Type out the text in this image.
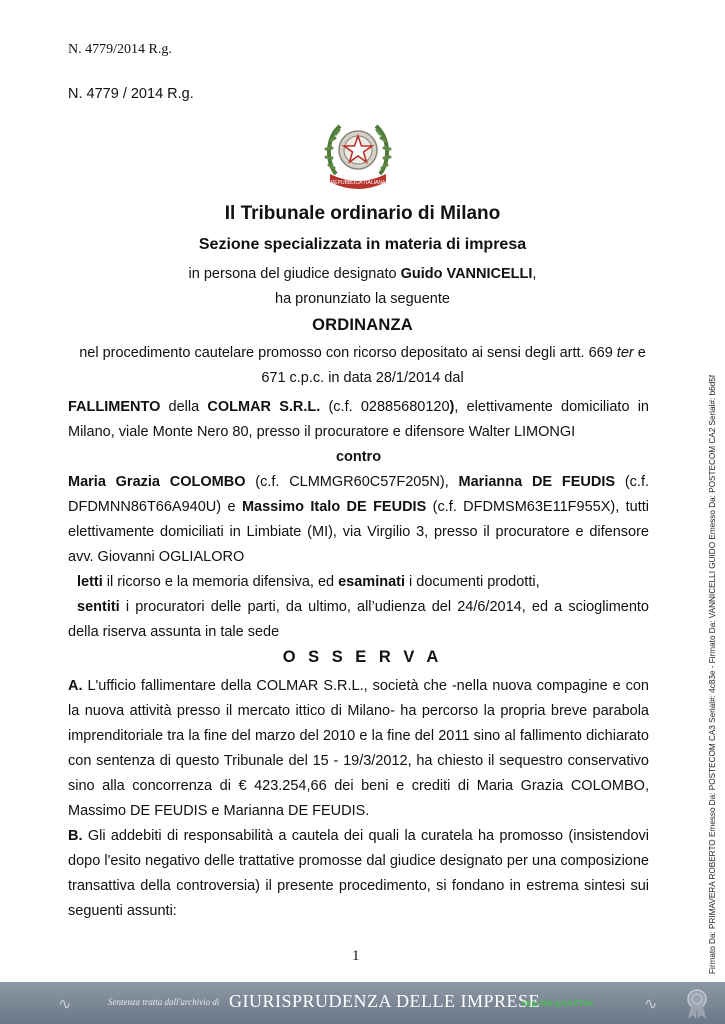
N. 4779/2014 R.g.
N. 4779 / 2014 R.g.
REPUBBLICA ITALIANA
Il Tribunale ordinario di Milano
Sezione specializzata in materia di impresa
in persona del giudice designato Guido VANNICELLI,
ha pronunziato la seguente
ORDINANZA
nel procedimento cautelare promosso con ricorso depositato ai sensi degli artt. 669 ter e
671 c.p.c. in data 28/1/2014 dal

FALLIMENTO della COLMAR S.R.L. (c.f. 02885680120), elettivamente domiciliato in Milano, viale Monte Nero 80, presso il procuratore e difensore Walter LIMONGI

contro

Maria Grazia COLOMBO (c.f. CLMMGR60C57F205N), Marianna DE FEUDIS (c.f. DFDMNN86T66A940U) e Massimo Italo DE FEUDIS (c.f. DFDMSM63E11F955X), tutti elettivamente domiciliati in Limbiate (MI), via Virgilio 3, presso il procuratore e difensore avv. Giovanni OGLIALORO

letti il ricorso e la memoria difensiva, ed esaminati i documenti prodotti,

sentiti i procuratori delle parti, da ultimo, all’udienza del 24/6/2014, ed a scioglimento della riserva assunta in tale sede

O S S E R V A

A. L'ufficio fallimentare della COLMAR S.R.L., società che -nella nuova compagine e con la nuova attività presso il mercato ittico di Milano- ha percorso la propria breve parabola imprenditoriale tra la fine del marzo del 2010 e la fine del 2011 sino al fallimento dichiarato con sentenza di questo Tribunale del 15 - 19/3/2012, ha chiesto il sequestro conservativo sino alla concorrenza di € 423.254,66 dei beni e crediti di Maria Grazia COLOMBO, Massimo DE FEUDIS e Marianna DE FEUDIS.

B. Gli addebiti di responsabilità a cautela dei quali la curatela ha promosso (insistendovi dopo l'esito negativo delle trattative promosse dal giudice designato per una composizione transattiva della controversia) il presente procedimento, si fondano in estrema sintesi sui seguenti assunti:

1	Firmato Da: PRIMAVERA ROBERTO Emesso Da: POSTECOM CA3 Serial#: 4c83e - Firmato Da: VANNICELLI GUIDO Emesso Da: POSTECOM CA2 Serial#: b6d5f
∿	Sentenza tratta dall'archivio di GIURISPRUDENZA DELLE IMPRESE
http://bit.ly/1tUl7hX	∿
